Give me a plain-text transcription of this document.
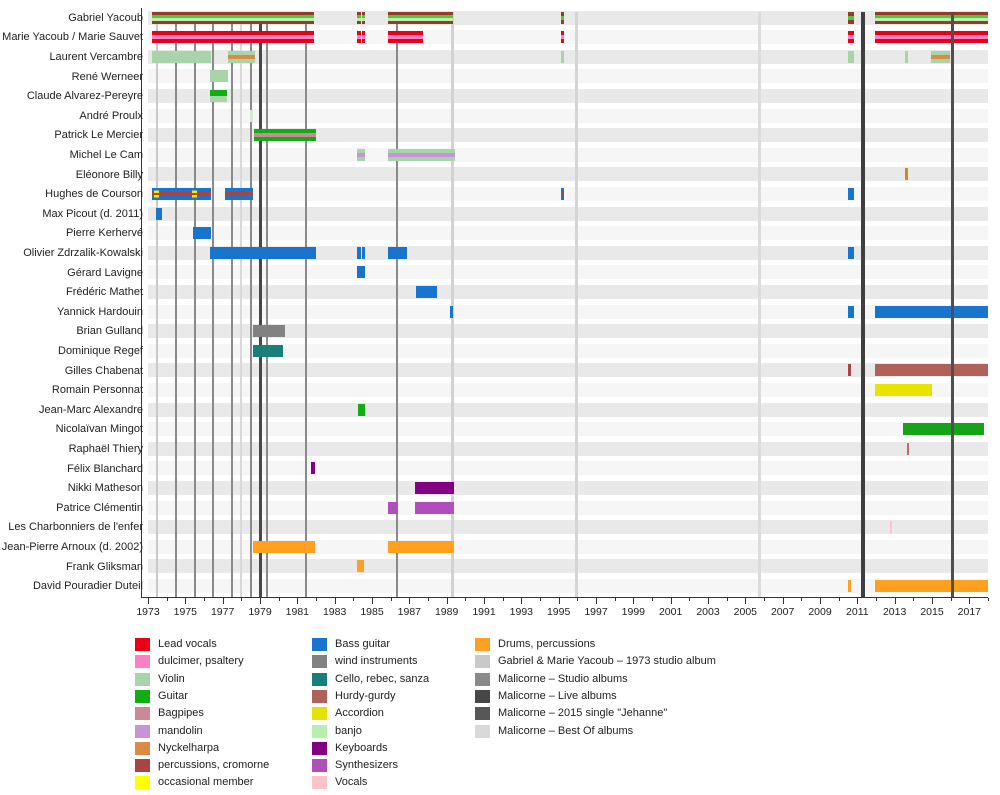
Gabriel Yacoub
Marie Yacoub / Marie Sauvet
Laurent Vercambre
René Werneer
Claude Alvarez-Pereyre
André Proulx
Patrick Le Mercier
Michel Le Cam
Eléonore Billy
Hughes de Courson
Max Picout (d. 2011)
Pierre Kerhervé
Olivier Zdrzalik-Kowalski
Gérard Lavigne
Frédéric Mathet
Yannick Hardouin
Brian Gulland
Dominique Regef
Gilles Chabenat
Romain Personnat
Jean-Marc Alexandre
Nicolaïvan Mingot
Raphaël Thiery
Félix Blanchard
Nikki Matheson
Patrice Clémentin
Les Charbonniers de l'enfer
Jean-Pierre Arnoux (d. 2002)
Frank Gliksman
David Pouradier Duteil
1973	1975	1977	1979	1981	1983	1985	1987	1989	1991	1993	1995	1997	1999	2001	2003	2005	2007	2009	2011	2013	2015	2017
Lead vocals
dulcimer, psaltery
Violin
Guitar
Bagpipes
mandolin
Nyckelharpa
percussions, cromorne
occasional member
Bass guitar
wind instruments
Cello, rebec, sanza
Hurdy-gurdy
Accordion
banjo
Keyboards
Synthesizers
Vocals
Drums, percussions
Gabriel & Marie Yacoub – 1973 studio album
Malicorne – Studio albums
Malicorne – Live albums
Malicorne – 2015 single "Jehanne"
Malicorne – Best Of albums
